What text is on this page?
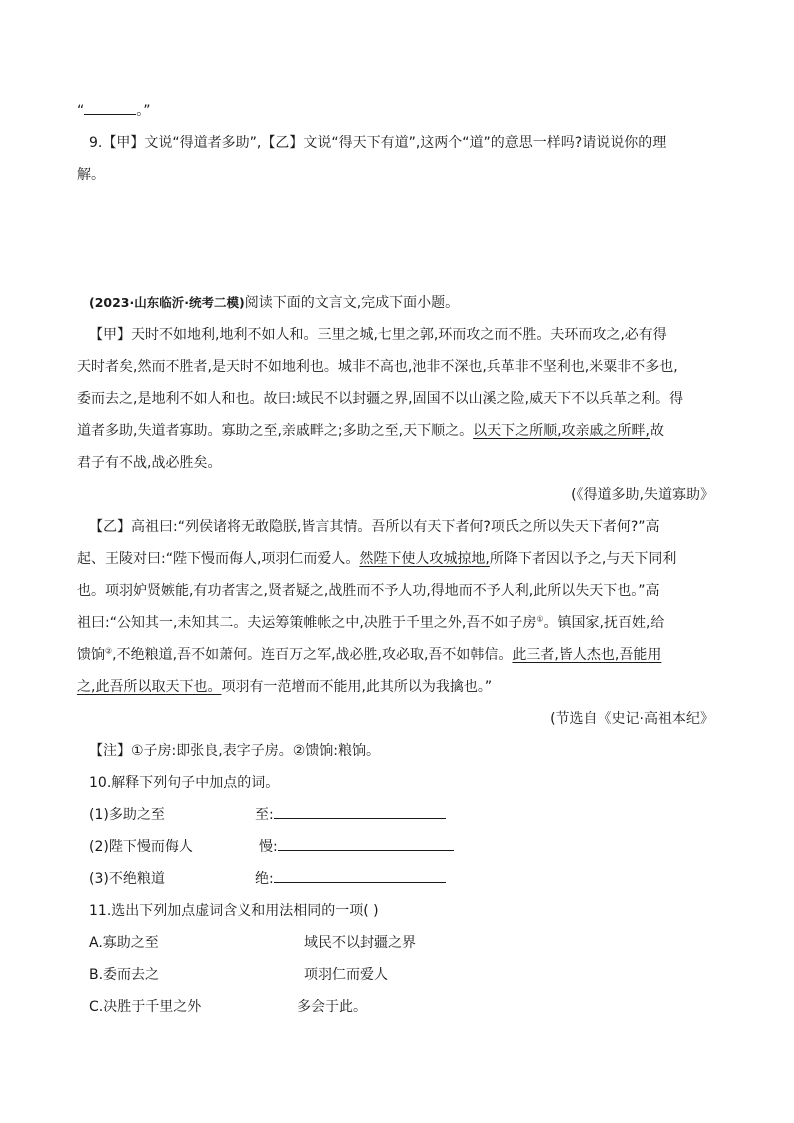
“	。”
9.【甲】文说“得道者多助”,【乙】文说“得天下有道”,这两个“道”的意思一样吗?请说说你的理
解。
(2023·山东临沂·统考二模)阅读下面的文言文,完成下面小题。
【甲】天时不如地利,地利不如人和。三里之城,七里之郭,环而攻之而不胜。夫环而攻之,必有得
天时者矣,然而不胜者,是天时不如地利也。城非不高也,池非不深也,兵革非不坚利也,米粟非不多也,
委而去之,是地利不如人和也。故曰:域民不以封疆之界,固国不以山溪之险,威天下不以兵革之利。得
道者多助,失道者寡助。寡助之至,亲戚畔之;多助之至,天下顺之。以天下之所顺,攻亲戚之所畔,故
君子有不战,战必胜矣。
(《得道多助,失道寡助》
【乙】高祖曰:“列侯诸将无敢隐朕,皆言其情。吾所以有天下者何?项氏之所以失天下者何?”高
起、王陵对曰:“陛下慢而侮人,项羽仁而爱人。然陛下使人攻城掠地,所降下者因以予之,与天下同利
也。项羽妒贤嫉能,有功者害之,贤者疑之,战胜而不予人功,得地而不予人利,此所以失天下也。”高
祖曰:“公知其一,未知其二。夫运筹策帷帐之中,决胜于千里之外,吾不如子房①。镇国家,抚百姓,给
馈饷②,不绝粮道,吾不如萧何。连百万之军,战必胜,攻必取,吾不如韩信。此三者,皆人杰也,吾能用
之,此吾所以取天下也。项羽有一范增而不能用,此其所以为我擒也。”
(节选自《史记·高祖本纪》
【注】①子房:即张良,表字子房。②馈饷:粮饷。
10.解释下列句子中加点的词。
(1)多助之至	至:
(2)陛下慢而侮人	慢:
(3)不绝粮道	绝:
11.选出下列加点虚词含义和用法相同的一项( )
A.寡助之至	域民不以封疆之界
B.委而去之	项羽仁而爱人
C.决胜于千里之外	多会于此。
